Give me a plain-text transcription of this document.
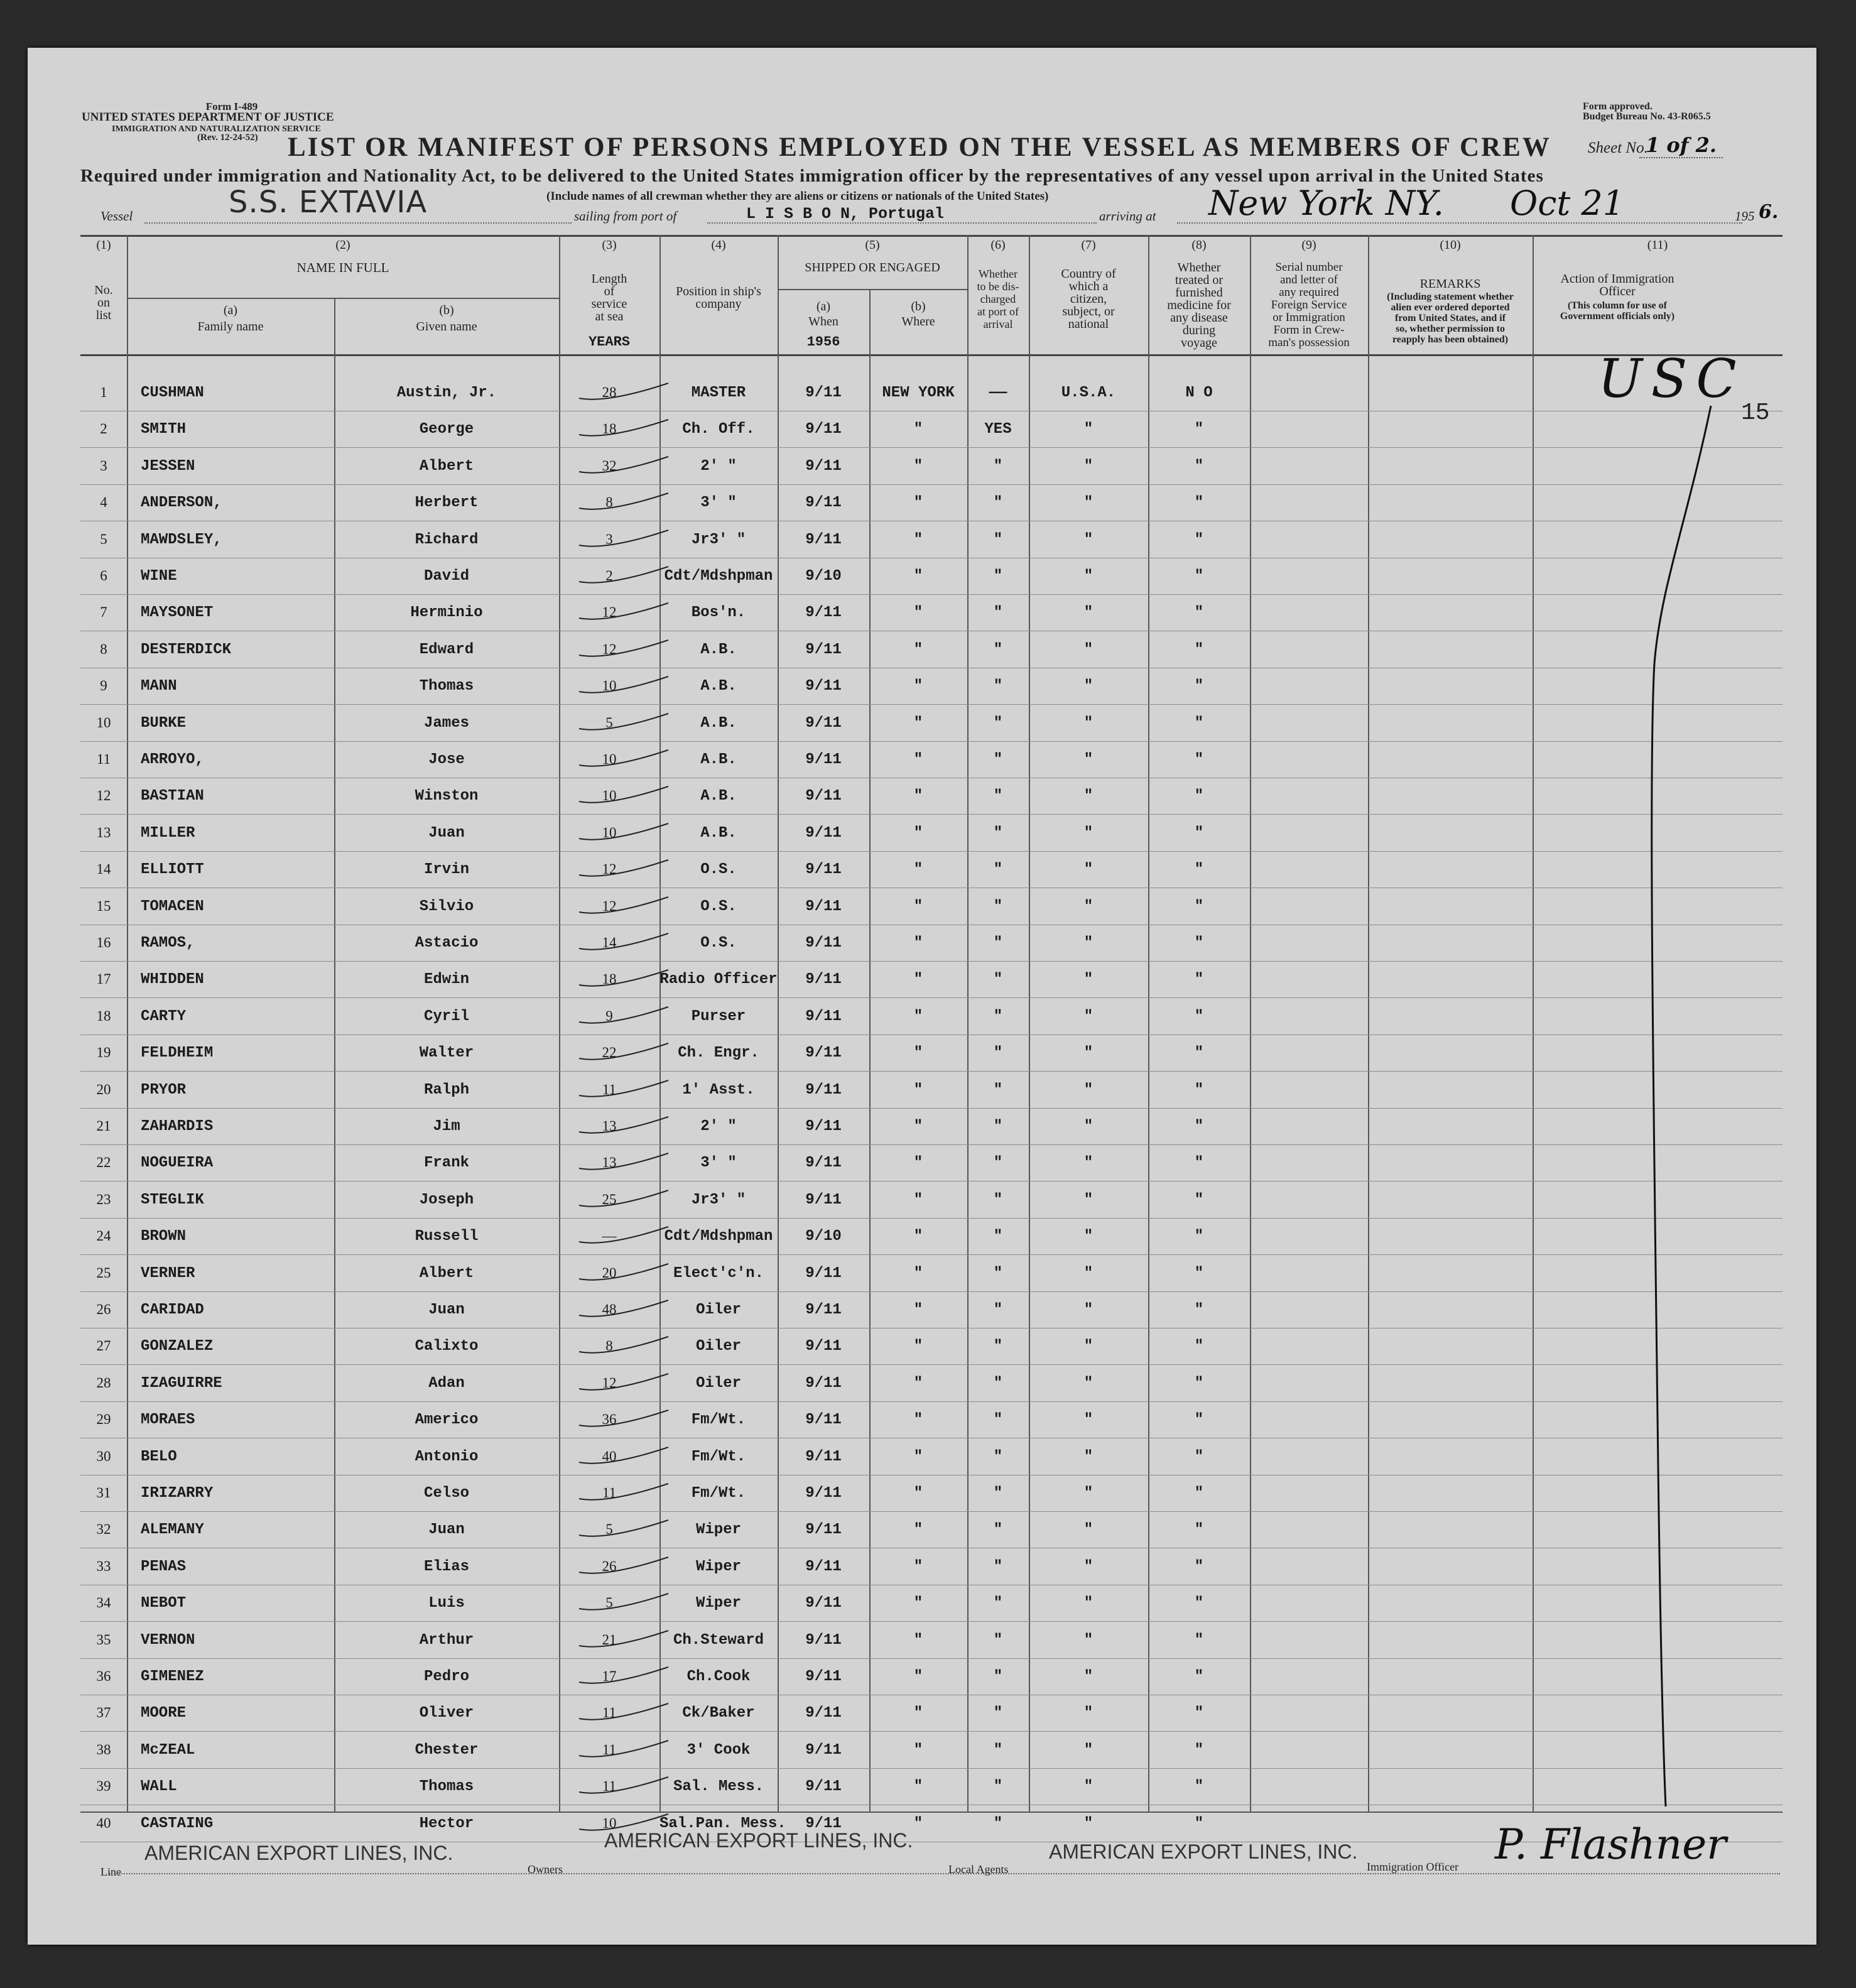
Form I-489
UNITED STATES DEPARTMENT OF JUSTICE
IMMIGRATION AND NATURALIZATION SERVICE
(Rev. 12-24-52)
Form approved.
Budget Bureau No. 43-R065.5
LIST OR MANIFEST OF PERSONS EMPLOYED ON THE VESSEL AS MEMBERS OF CREW Sheet No.
1 of 2.
Required under immigration and Nationality Act, to be delivered to the United States immigration officer by the representatives of any vessel upon arrival in the United States
(Include names of all crewman whether they are aliens or citizens or nationals of the United States)
Vessel	S.S. EXTAVIA	sailing from port of	L I S B O N, Portugal	arriving at New York NY. Oct 21	195 6.
(1)
No.
on
list
(2)
NAME IN FULL
(a)
Family name
(b)
Given name
(3)
Length
of
service
at sea
YEARS
(4)
Position in ship's
company
(5)
SHIPPED OR ENGAGED
(a)
When
1956
(b)
Where
(6)
Whether
to be dis-
charged
at port of
arrival
(7)
Country of
which a
citizen,
subject, or
national
(8)
Whether
treated or
furnished
medicine for
any disease
during
voyage
(9)
Serial number
and letter of
any required
Foreign Service
or Immigration
Form in Crew-
man's possession
(10)
REMARKS
(Including statement whether
alien ever ordered deported
from United States, and if
so, whether permission to
reapply has been obtained)
(11)
Action of Immigration
Officer
(This column for use of
Government officials only)
1	CUSHMAN	Austin, Jr.	28	MASTER	9/11	NEW YORK	——	U.S.A.	N O
2	SMITH	George	18	Ch. Off.	9/11	"	YES	"	"
3	JESSEN	Albert	32	2' "	9/11	"	"	"	"
4	ANDERSON,	Herbert	8	3' "	9/11	"	"	"	"
5	MAWDSLEY,	Richard	3	Jr3' "	9/11	"	"	"	"
6	WINE	David	2	Cdt/Mdshpman	9/10	"	"	"	"
7	MAYSONET	Herminio	12	Bos'n.	9/11	"	"	"	"
8	DESTERDICK	Edward	12	A.B.	9/11	"	"	"	"
9	MANN	Thomas	10	A.B.	9/11	"	"	"	"
10	BURKE	James	5	A.B.	9/11	"	"	"	"
11	ARROYO,	Jose	10	A.B.	9/11	"	"	"	"
12	BASTIAN	Winston	10	A.B.	9/11	"	"	"	"
13	MILLER	Juan	10	A.B.	9/11	"	"	"	"
14	ELLIOTT	Irvin	12	O.S.	9/11	"	"	"	"
15	TOMACEN	Silvio	12	O.S.	9/11	"	"	"	"
16	RAMOS,	Astacio	14	O.S.	9/11	"	"	"	"
17	WHIDDEN	Edwin	18	Radio Officer	9/11	"	"	"	"
18	CARTY	Cyril	9	Purser	9/11	"	"	"	"
19	FELDHEIM	Walter	22	Ch. Engr.	9/11	"	"	"	"
20	PRYOR	Ralph	11	1' Asst.	9/11	"	"	"	"
21	ZAHARDIS	Jim	13	2' "	9/11	"	"	"	"
22	NOGUEIRA	Frank	13	3' "	9/11	"	"	"	"
23	STEGLIK	Joseph	25	Jr3' "	9/11	"	"	"	"
24	BROWN	Russell	—	Cdt/Mdshpman	9/10	"	"	"	"
25	VERNER	Albert	20	Elect'c'n.	9/11	"	"	"	"
26	CARIDAD	Juan	48	Oiler	9/11	"	"	"	"
27	GONZALEZ	Calixto	8	Oiler	9/11	"	"	"	"
28	IZAGUIRRE	Adan	12	Oiler	9/11	"	"	"	"
29	MORAES	Americo	36	Fm/Wt.	9/11	"	"	"	"
30	BELO	Antonio	40	Fm/Wt.	9/11	"	"	"	"
31	IRIZARRY	Celso	11	Fm/Wt.	9/11	"	"	"	"
32	ALEMANY	Juan	5	Wiper	9/11	"	"	"	"
33	PENAS	Elias	26	Wiper	9/11	"	"	"	"
34	NEBOT	Luis	5	Wiper	9/11	"	"	"	"
35	VERNON	Arthur	21	Ch.Steward	9/11	"	"	"	"
36	GIMENEZ	Pedro	17	Ch.Cook	9/11	"	"	"	"
37	MOORE	Oliver	11	Ck/Baker	9/11	"	"	"	"
38	McZEAL	Chester	11	3' Cook	9/11	"	"	"	"
39	WALL	Thomas	11	Sal. Mess.	9/11	"	"	"	"
40	CASTAING	Hector	10	Sal.Pan. Mess.	9/11	"	"	"	"
USC
15
Line
AMERICAN EXPORT LINES, INC.
Owners
AMERICAN EXPORT LINES, INC.
Local Agents
AMERICAN EXPORT LINES, INC.
Immigration Officer P. Flashner
